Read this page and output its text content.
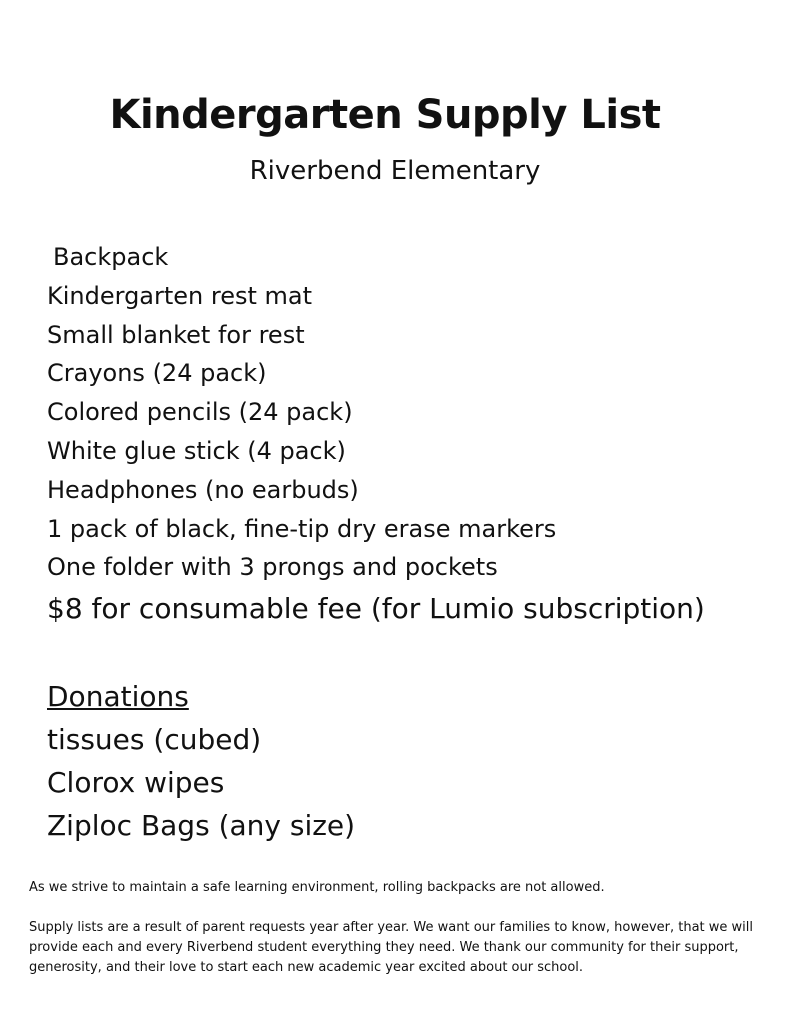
Kindergarten Supply List
Riverbend Elementary
Backpack
Kindergarten rest mat
Small blanket for rest
Crayons (24 pack)
Colored pencils (24 pack)
White glue stick (4 pack)
Headphones (no earbuds)
1 pack of black, fine-tip dry erase markers
One folder with 3 prongs and pockets
$8 for consumable fee (for Lumio subscription)
Donations
tissues (cubed)
Clorox wipes
Ziploc Bags (any size)

As we strive to maintain a safe learning environment, rolling backpacks are not allowed.

Supply lists are a result of parent requests year after year. We want our families to know, however, that we will provide each and every Riverbend student everything they need. We thank our community for their support, generosity, and their love to start each new academic year excited about our school.
